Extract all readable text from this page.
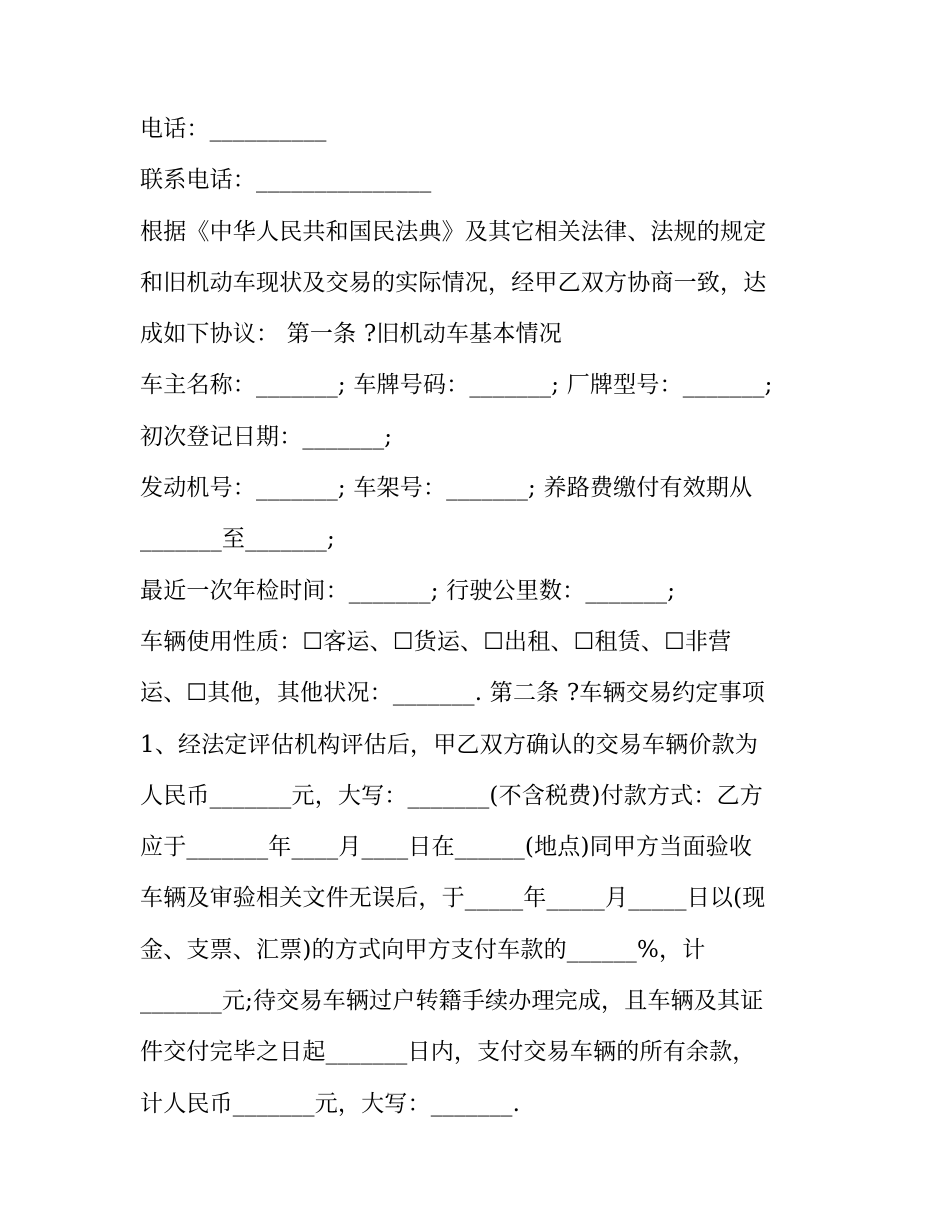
电话：__________
联系电话：_______________
根据《中华人民共和国民法典》及其它相关法律、法规的规定
和旧机动车现状及交易的实际情况，经甲乙双方协商一致，达
成如下协议： 第一条 ?旧机动车基本情况
车主名称：_______; 车牌号码：_______; 厂牌型号：_______;
初次登记日期：_______;
发动机号：_______; 车架号：_______; 养路费缴付有效期从
_______至_______;
最近一次年检时间：_______; 行驶公里数：_______;
车辆使用性质：☐客运、☐货运、☐出租、☐租赁、☐非营
运、☐其他，其他状况：_______. 第二条 ?车辆交易约定事项
1、经法定评估机构评估后，甲乙双方确认的交易车辆价款为
人民币_______元，大写：_______(不含税费)付款方式：乙方
应于_______年____月____日在______(地点)同甲方当面验收
车辆及审验相关文件无误后，于_____年_____月_____日以(现
金、支票、汇票)的方式向甲方支付车款的______%，计
_______元;待交易车辆过户转籍手续办理完成，且车辆及其证
件交付完毕之日起_______日内，支付交易车辆的所有余款，
计人民币_______元，大写：_______.
